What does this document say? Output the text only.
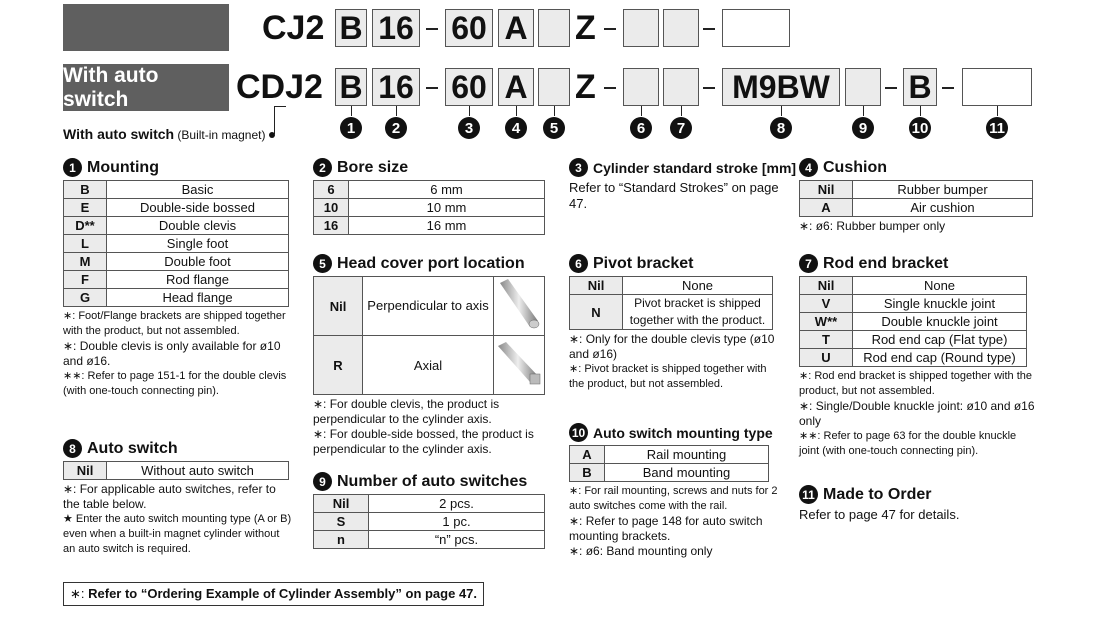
CJ2
With auto switch	CDJ2
B 16 60 A Z
B 16 60 A Z	M9BW	B
1	2	3	4	5	6	7	8	9	10	11
With auto switch (Built-in magnet)
1 Mounting
B	Basic
E	Double-side bossed
D**	Double clevis
L	Single foot
M	Double foot
F	Rod flange
G	Head flange

∗: Foot/Flange brackets are shipped together with the product, but not assembled.

∗: Double clevis is only available for ø10 and ø16.

∗∗: Refer to page 151-1 for the double clevis (with one-touch connecting pin).

8 Auto switch
Nil	Without auto switch

∗: For applicable auto switches, refer to the table below.

★ Enter the auto switch mounting type (A or B) even when a built-in magnet cylinder without an auto switch is required.

2 Bore size
6	6 mm
10	10 mm
16	16 mm
5 Head cover port location
Nil	Perpendicular to axis	
R	Axial	

∗: For double clevis, the product is perpendicular to the cylinder axis.

∗: For double-side bossed, the product is perpendicular to the cylinder axis.

9 Number of auto switches
Nil	2 pcs.
S	1 pc.
n	“n” pcs.
3 Cylinder standard stroke [mm]
Refer to “Standard Strokes” on page 47.
6 Pivot bracket
Nil	None
N	Pivot bracket is shipped together with the product.

∗: Only for the double clevis type (ø10 and ø16)

∗: Pivot bracket is shipped together with the product, but not assembled.

10 Auto switch mounting type
A	Rail mounting
B	Band mounting

∗: For rail mounting, screws and nuts for 2 auto switches come with the rail.

∗: Refer to page 148 for auto switch mounting brackets.

∗: ø6: Band mounting only

4 Cushion
Nil	Rubber bumper
A	Air cushion

∗: ø6: Rubber bumper only

7 Rod end bracket
Nil	None
V	Single knuckle joint
W**	Double knuckle joint
T	Rod end cap (Flat type)
U	Rod end cap (Round type)

∗: Rod end bracket is shipped together with the product, but not assembled.

∗: Single/Double knuckle joint: ø10 and ø16 only

∗∗: Refer to page 63 for the double knuckle joint (with one-touch connecting pin).

11 Made to Order
Refer to page 47 for details.
∗: Refer to “Ordering Example of Cylinder Assembly” on page 47.
